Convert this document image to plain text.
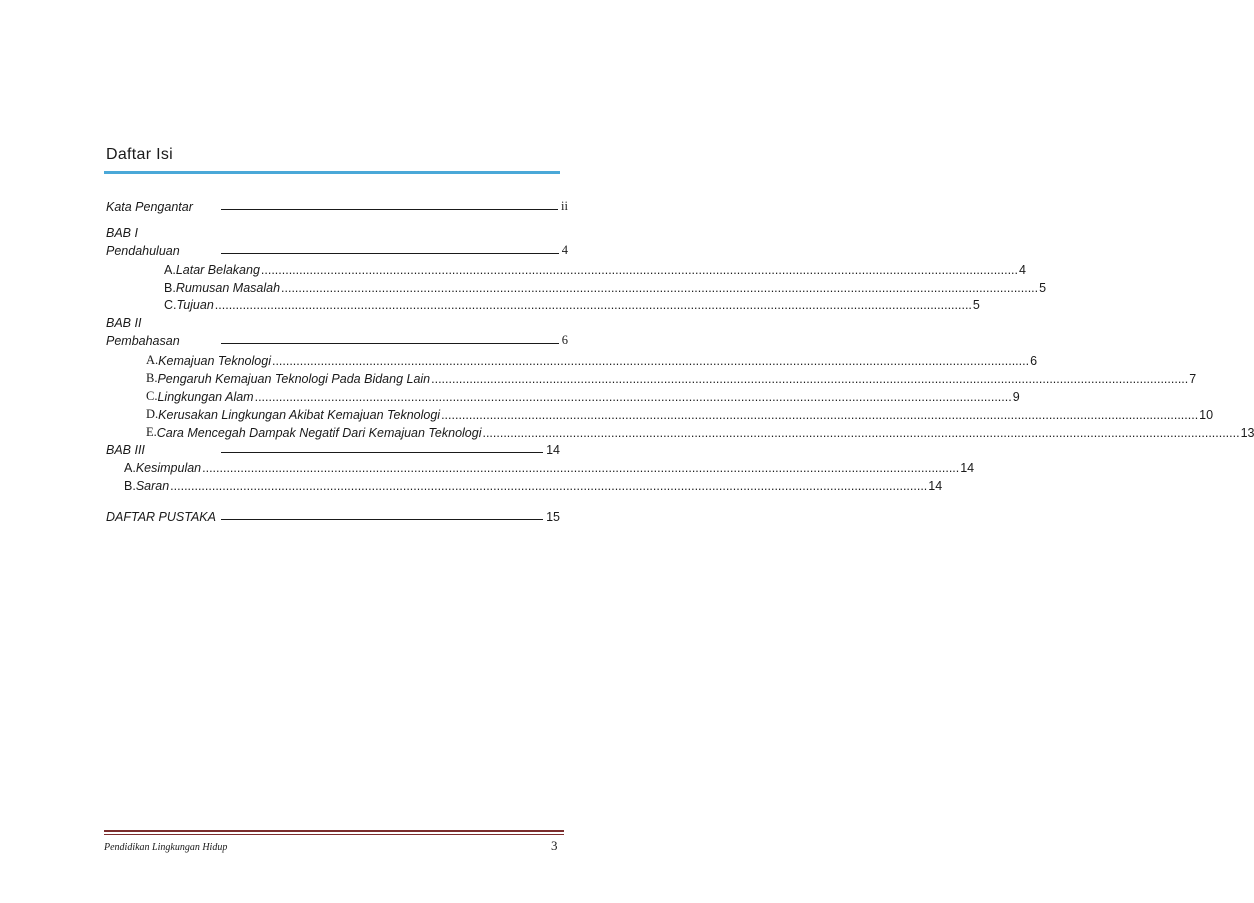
Daftar Isi
Kata Pengantar	ii
BAB I
Pendahuluan	4
A. Latar Belakang .......................................................................................................................................................................................................................... 4
B. Rumusan Masalah .......................................................................................................................................................................................................................... 5
C. Tujuan .......................................................................................................................................................................................................................... 5
BAB II
Pembahasan	6
A. Kemajuan Teknologi .......................................................................................................................................................................................................................... 6
B. Pengaruh Kemajuan Teknologi Pada Bidang Lain .......................................................................................................................................................................................................................... 7
C. Lingkungan Alam .......................................................................................................................................................................................................................... 9
D. Kerusakan Lingkungan Akibat Kemajuan Teknologi .......................................................................................................................................................................................................................... 10
E. Cara Mencegah Dampak Negatif Dari Kemajuan Teknologi .......................................................................................................................................................................................................................... 13
BAB III	14
A. Kesimpulan .......................................................................................................................................................................................................................... 14
B. Saran .......................................................................................................................................................................................................................... 14
DAFTAR PUSTAKA	15
Pendidikan Lingkungan Hidup	3
